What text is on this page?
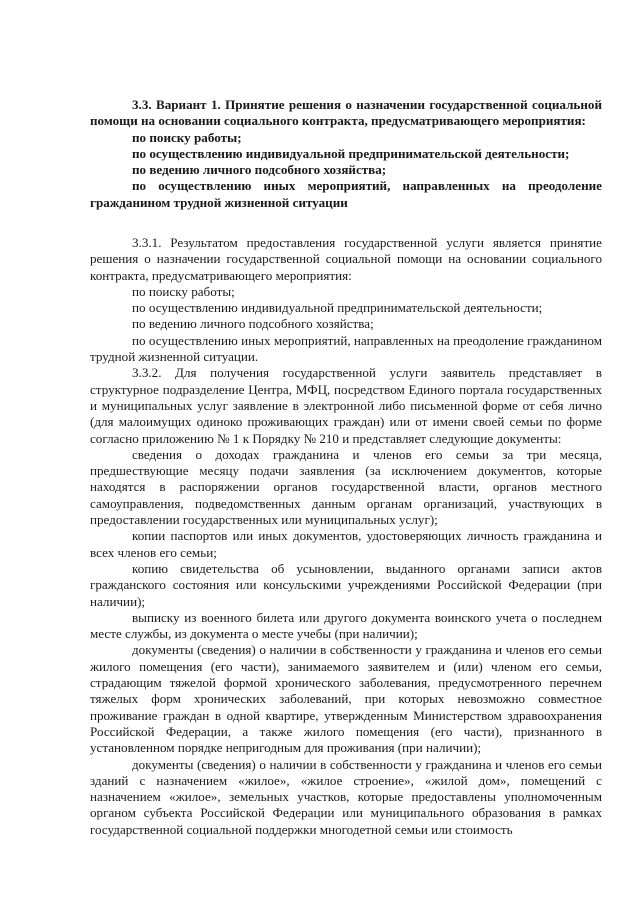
3.3. Вариант 1. Принятие решения о назначении государственной социальной помощи на основании социального контракта, предусматривающего мероприятия:

по поиску работы;

по осуществлению индивидуальной предпринимательской деятельности;

по ведению личного подсобного хозяйства;

по осуществлению иных мероприятий, направленных на преодоление гражданином трудной жизненной ситуации

3.3.1. Результатом предоставления государственной услуги является принятие решения о назначении государственной социальной помощи на основании социального контракта, предусматривающего мероприятия:

по поиску работы;

по осуществлению индивидуальной предпринимательской деятельности;

по ведению личного подсобного хозяйства;

по осуществлению иных мероприятий, направленных на преодоление гражданином трудной жизненной ситуации.

3.3.2. Для получения государственной услуги заявитель представляет в структурное подразделение Центра, МФЦ, посредством Единого портала государственных и муниципальных услуг заявление в электронной либо письменной форме от себя лично (для малоимущих одиноко проживающих граждан) или от имени своей семьи по форме согласно приложению № 1 к Порядку № 210 и представляет следующие документы:

сведения о доходах гражданина и членов его семьи за три месяца, предшествующие месяцу подачи заявления (за исключением документов, которые находятся в распоряжении органов государственной власти, органов местного самоуправления, подведомственных данным органам организаций, участвующих в предоставлении государственных или муниципальных услуг);

копии паспортов или иных документов, удостоверяющих личность гражданина и всех членов его семьи;

копию свидетельства об усыновлении, выданного органами записи актов гражданского состояния или консульскими учреждениями Российской Федерации (при наличии);

выписку из военного билета или другого документа воинского учета о последнем месте службы, из документа о месте учебы (при наличии);

документы (сведения) о наличии в собственности у гражданина и членов его семьи жилого помещения (его части), занимаемого заявителем и (или) членом его семьи, страдающим тяжелой формой хронического заболевания, предусмотренного перечнем тяжелых форм хронических заболеваний, при которых невозможно совместное проживание граждан в одной квартире, утвержденным Министерством здравоохранения Российской Федерации, а также жилого помещения (его части), признанного в установленном порядке непригодным для проживания (при наличии);

документы (сведения) о наличии в собственности у гражданина и членов его семьи зданий с назначением «жилое», «жилое строение», «жилой дом», помещений с назначением «жилое», земельных участков, которые предоставлены уполномоченным органом субъекта Российской Федерации или муниципального образования в рамках государственной социальной поддержки многодетной семьи или стоимость
